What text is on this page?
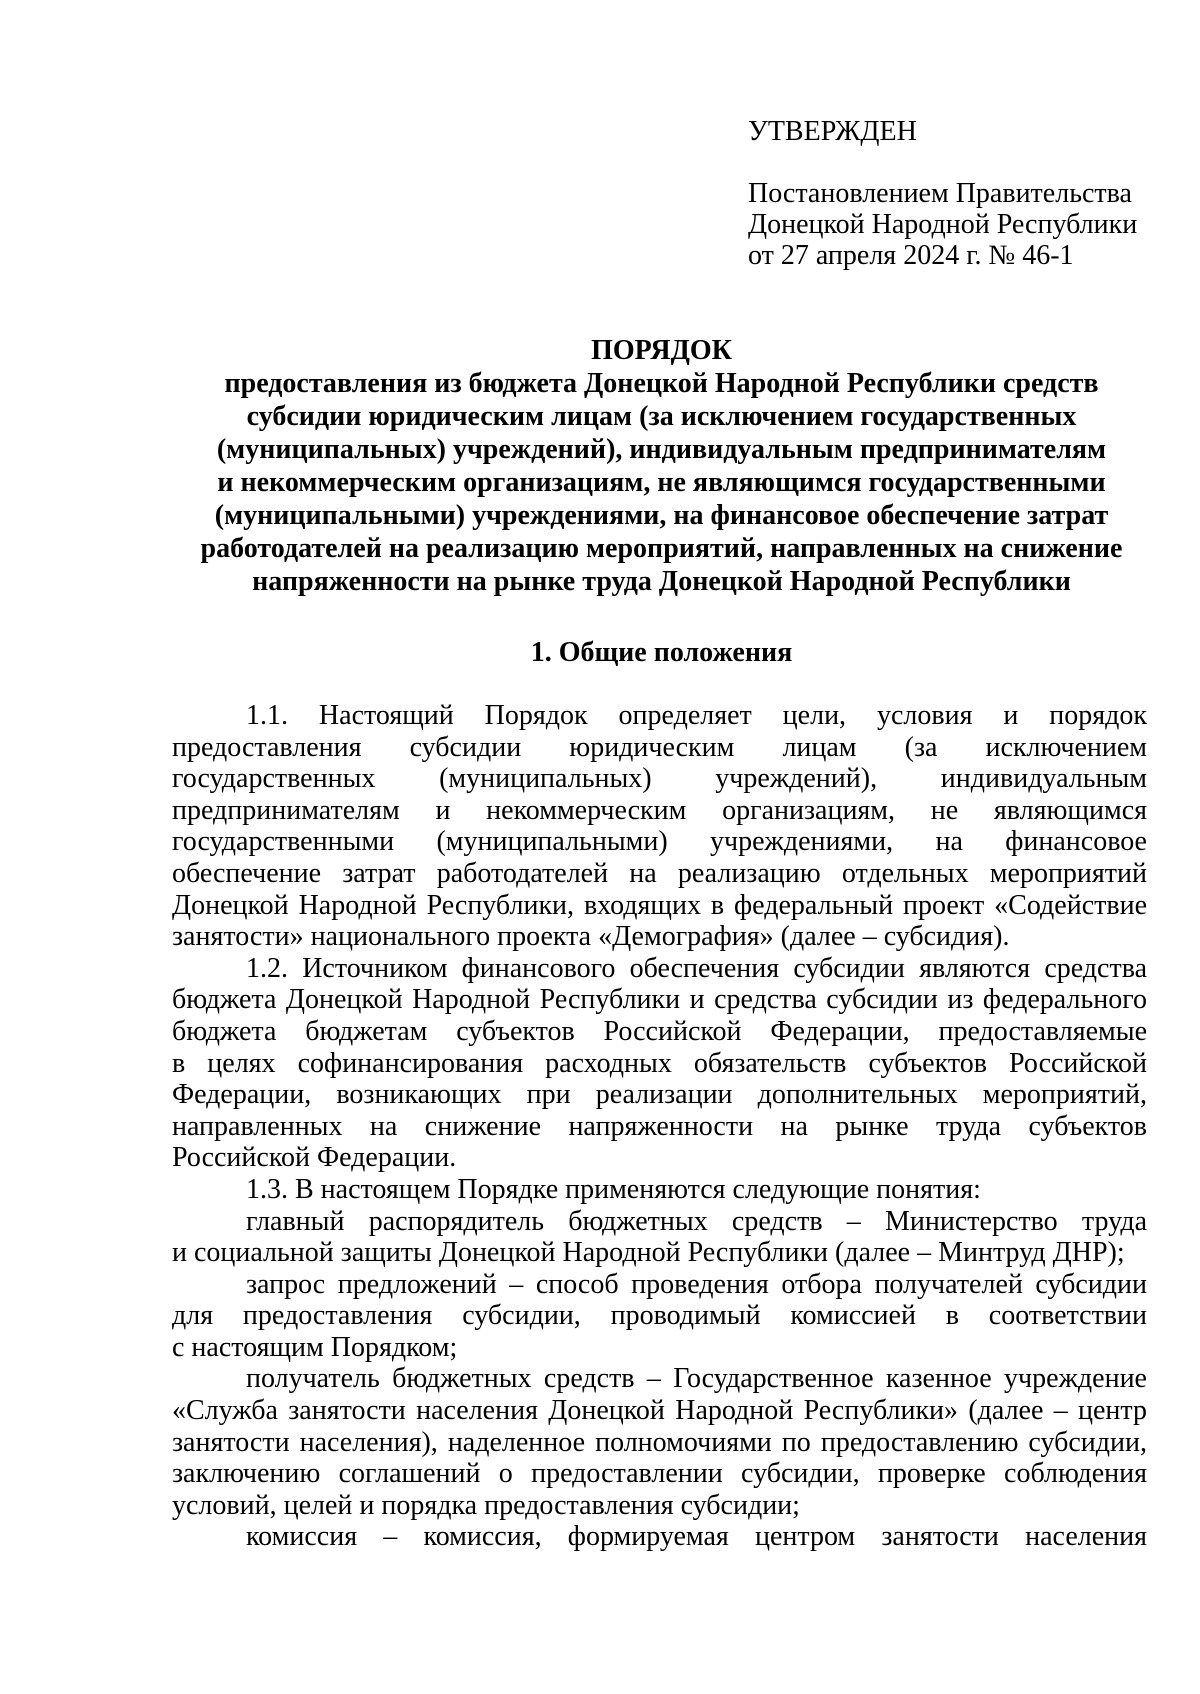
УТВЕРЖДЕН
Постановлением Правительства
Донецкой Народной Республики
от 27 апреля 2024 г. № 46-1
ПОРЯДОК
предоставления из бюджета Донецкой Народной Республики средств
субсидии юридическим лицам (за исключением государственных
(муниципальных) учреждений), индивидуальным предпринимателям
и некоммерческим организациям, не являющимся государственными
(муниципальными) учреждениями, на финансовое обеспечение затрат
работодателей на реализацию мероприятий, направленных на снижение
напряженности на рынке труда Донецкой Народной Республики
1. Общие положения
1.1. Настоящий Порядок определяет цели, условия и порядок
предоставления субсидии юридическим лицам (за исключением
государственных (муниципальных) учреждений), индивидуальным
предпринимателям и некоммерческим организациям, не являющимся
государственными (муниципальными) учреждениями, на финансовое
обеспечение затрат работодателей на реализацию отдельных мероприятий
Донецкой Народной Республики, входящих в федеральный проект «Содействие
занятости» национального проекта «Демография» (далее – субсидия).
1.2. Источником финансового обеспечения субсидии являются средства
бюджета Донецкой Народной Республики и средства субсидии из федерального
бюджета бюджетам субъектов Российской Федерации, предоставляемые
в целях софинансирования расходных обязательств субъектов Российской
Федерации, возникающих при реализации дополнительных мероприятий,
направленных на снижение напряженности на рынке труда субъектов
Российской Федерации.
1.3. В настоящем Порядке применяются следующие понятия:
главный распорядитель бюджетных средств – Министерство труда
и социальной защиты Донецкой Народной Республики (далее – Минтруд ДНР);
запрос предложений – способ проведения отбора получателей субсидии
для предоставления субсидии, проводимый комиссией в соответствии
с настоящим Порядком;
получатель бюджетных средств – Государственное казенное учреждение
«Служба занятости населения Донецкой Народной Республики» (далее – центр
занятости населения), наделенное полномочиями по предоставлению субсидии,
заключению соглашений о предоставлении субсидии, проверке соблюдения
условий, целей и порядка предоставления субсидии;
комиссия – комиссия, формируемая центром занятости населения
